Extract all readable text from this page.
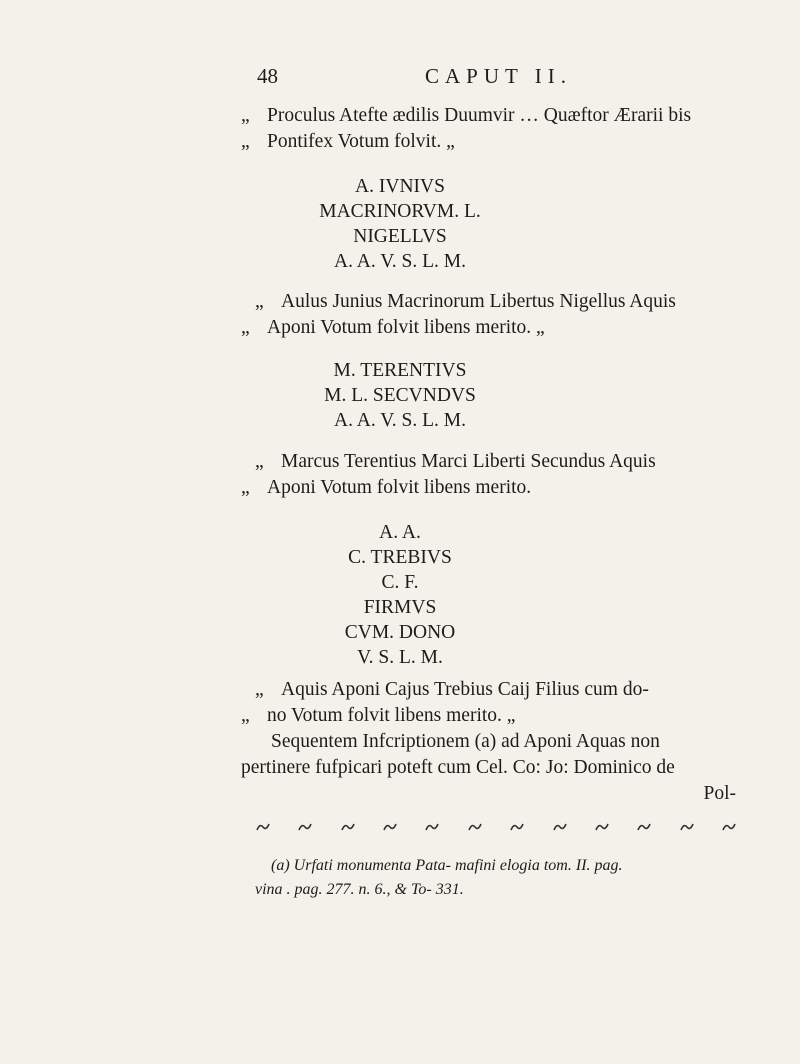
48	CAPUT II.
„ Proculus Atefte ædilis Duumvir … Quæftor Ærarii bis
„ Pontifex Votum folvit. „
A. IVNIVS
MACRINORVM. L.
NIGELLVS
A. A. V. S. L. M.
„ Aulus Junius Macrinorum Libertus Nigellus Aquis
„ Aponi Votum folvit libens merito. „
M. TERENTIVS
M. L. SECVNDVS
A. A. V. S. L. M.
„ Marcus Terentius Marci Liberti Secundus Aquis
„ Aponi Votum folvit libens merito.
A. A.
C. TREBIVS
C. F.
FIRMVS
CVM. DONO
V. S. L. M.
„ Aquis Aponi Cajus Trebius Caij Filius cum do-
„ no Votum folvit libens merito. „
Sequentem Infcriptionem (a) ad Aponi Aquas non
pertinere fufpicari poteft cum Cel. Co: Jo: Dominico de
Pol-
(a) Urfati monumenta Pata- mafini elogia tom. II. pag.
vina . pag. 277. n. 6., & To- 331.
